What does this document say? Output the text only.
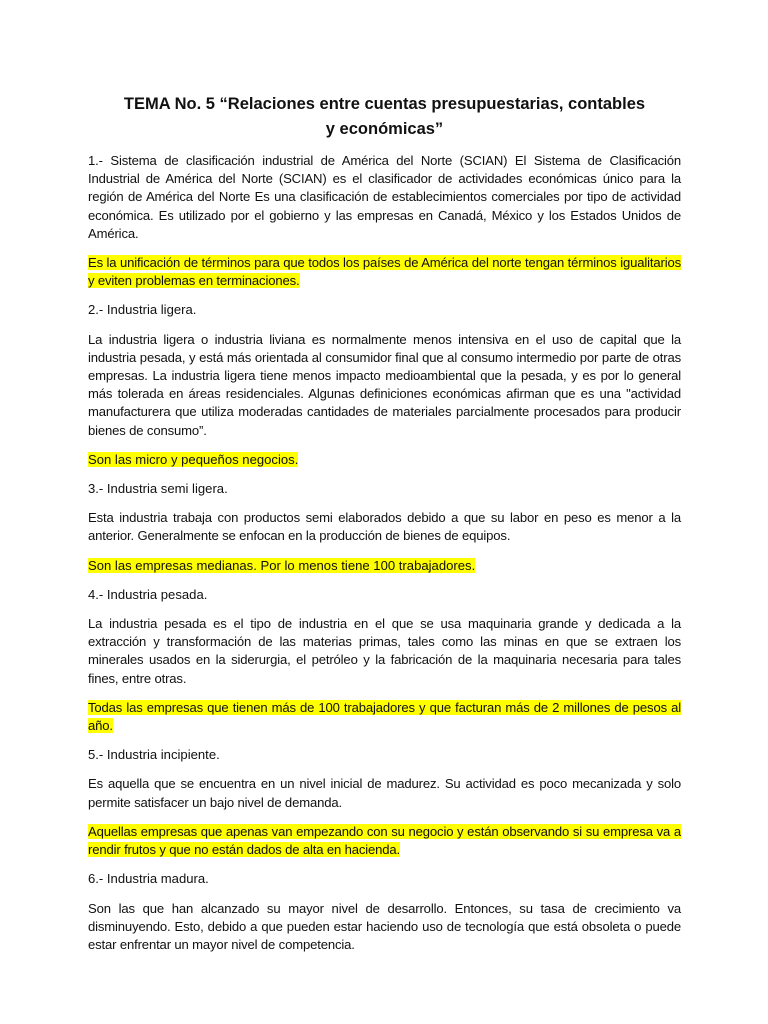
TEMA No. 5 “Relaciones entre cuentas presupuestarias, contables y económicas”

1.- Sistema de clasificación industrial de América del Norte (SCIAN) El Sistema de Clasificación Industrial de América del Norte (SCIAN) es el clasificador de actividades económicas único para la región de América del Norte Es una clasificación de establecimientos comerciales por tipo de actividad económica. Es utilizado por el gobierno y las empresas en Canadá, México y los Estados Unidos de América.

Es la unificación de términos para que todos los países de América del norte tengan términos igualitarios y eviten problemas en terminaciones.

2.- Industria ligera.

La industria ligera o industria liviana es normalmente menos intensiva en el uso de capital que la industria pesada, y está más orientada al consumidor final que al consumo intermedio por parte de otras empresas. La industria ligera tiene menos impacto medioambiental que la pesada, y es por lo general más tolerada en áreas residenciales. Algunas definiciones económicas afirman que es una "actividad manufacturera que utiliza moderadas cantidades de materiales parcialmente procesados para producir bienes de consumo”.

Son las micro y pequeños negocios.

3.- Industria semi ligera.

Esta industria trabaja con productos semi elaborados debido a que su labor en peso es menor a la anterior. Generalmente se enfocan en la producción de bienes de equipos.

Son las empresas medianas. Por lo menos tiene 100 trabajadores.

4.- Industria pesada.

La industria pesada es el tipo de industria en el que se usa maquinaria grande y dedicada a la extracción y transformación de las materias primas, tales como las minas en que se extraen los minerales usados en la siderurgia, el petróleo y la fabricación de la maquinaria necesaria para tales fines, entre otras.

Todas las empresas que tienen más de 100 trabajadores y que facturan más de 2 millones de pesos al año.

5.- Industria incipiente.

Es aquella que se encuentra en un nivel inicial de madurez. Su actividad es poco mecanizada y solo permite satisfacer un bajo nivel de demanda.

Aquellas empresas que apenas van empezando con su negocio y están observando si su empresa va a rendir frutos y que no están dados de alta en hacienda.

6.- Industria madura.

Son las que han alcanzado su mayor nivel de desarrollo. Entonces, su tasa de crecimiento va disminuyendo. Esto, debido a que pueden estar haciendo uso de tecnología que está obsoleta o puede estar enfrentar un mayor nivel de competencia.
